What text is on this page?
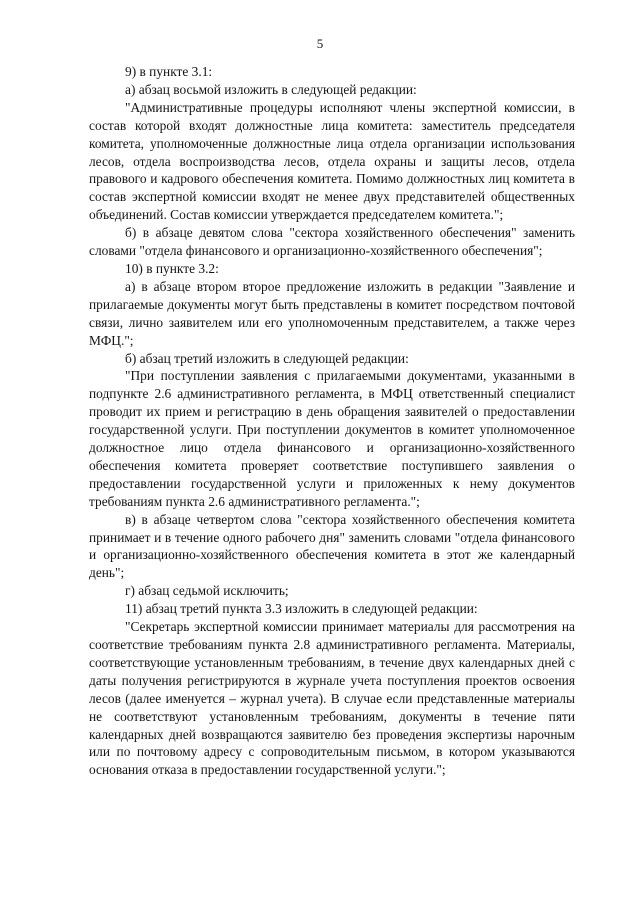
5

9) в пункте 3.1:

а) абзац восьмой изложить в следующей редакции:

"Административные процедуры исполняют члены экспертной комиссии, в состав которой входят должностные лица комитета: заместитель председателя комитета, уполномоченные должностные лица отдела организации использования лесов, отдела воспроизводства лесов, отдела охраны и защиты лесов, отдела правового и кадрового обеспечения комитета. Помимо должностных лиц комитета в состав экспертной комиссии входят не менее двух представителей общественных объединений. Состав комиссии утверждается председателем комитета.";

б) в абзаце девятом слова "сектора хозяйственного обеспечения" заменить словами "отдела финансового и организационно-хозяйственного обеспечения";

10) в пункте 3.2:

а) в абзаце втором второе предложение изложить в редакции "Заявление и прилагаемые документы могут быть представлены в комитет посредством почтовой связи, лично заявителем или его уполномоченным представителем, а также через МФЦ.";

б) абзац третий изложить в следующей редакции:

"При поступлении заявления с прилагаемыми документами, указанными в подпункте 2.6 административного регламента, в МФЦ ответственный специалист проводит их прием и регистрацию в день обращения заявителей о предоставлении государственной услуги. При поступлении документов в комитет уполномоченное должностное лицо отдела финансового и организационно-хозяйственного обеспечения комитета проверяет соответствие поступившего заявления о предоставлении государственной услуги и приложенных к нему документов требованиям пункта 2.6 административного регламента.";

в) в абзаце четвертом слова "сектора хозяйственного обеспечения комитета принимает и в течение одного рабочего дня" заменить словами "отдела финансового и организационно-хозяйственного обеспечения комитета в этот же календарный день";

г) абзац седьмой исключить;

11) абзац третий пункта 3.3 изложить в следующей редакции:

"Секретарь экспертной комиссии принимает материалы для рассмотрения на соответствие требованиям пункта 2.8 административного регламента. Материалы, соответствующие установленным требованиям, в течение двух календарных дней с даты получения регистрируются в журнале учета поступления проектов освоения лесов (далее именуется – журнал учета). В случае если представленные материалы не соответствуют установленным требованиям, документы в течение пяти календарных дней возвращаются заявителю без проведения экспертизы нарочным или по почтовому адресу с сопроводительным письмом, в котором указываются основания отказа в предоставлении государственной услуги.";
